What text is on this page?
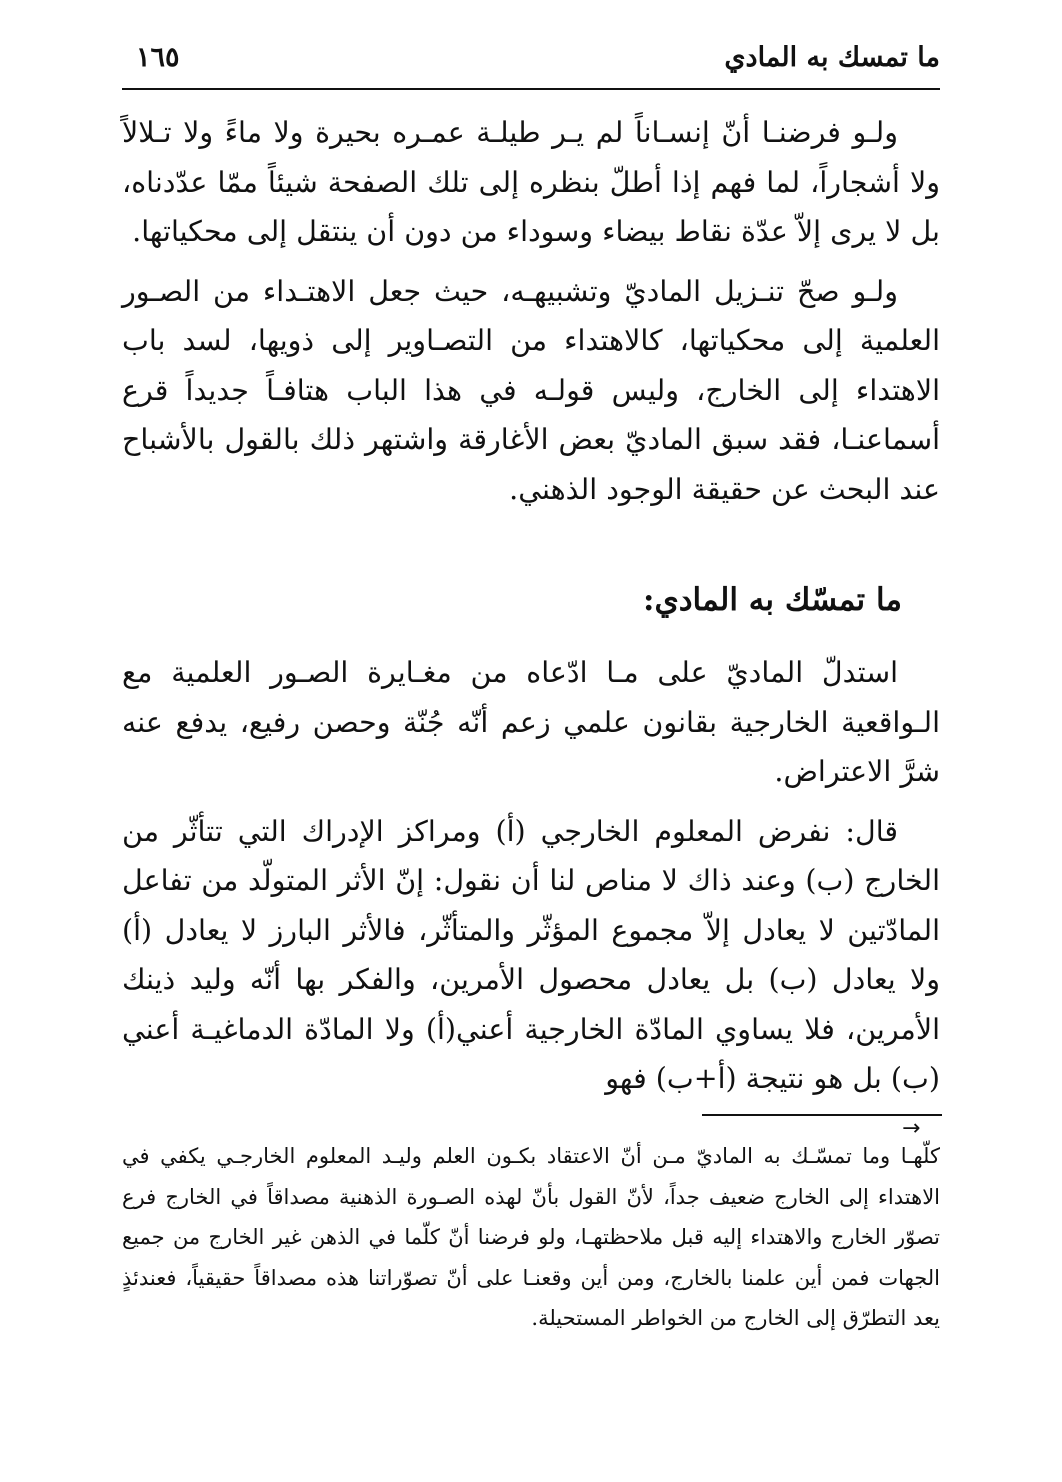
ما تمسك به المادي
١٦٥

ولـو فرضنـا أنّ إنسـاناً لم يـر طيلـة عمـره بحيرة ولا ماءً ولا تـلالاً ولا أشجاراً، لما فهم إذا أطلّ بنظره إلى تلك الصفحة شيئاً ممّا عدّدناه، بل لا يرى إلاّ عدّة نقاط بيضاء وسوداء من دون أن ينتقل إلى محكياتها.

ولـو صحّ تنـزيل الماديّ وتشبيهـه، حيث جعل الاهتـداء من الصـور العلمية إلى محكياتها، كالاهتداء من التصـاوير إلى ذويها، لسد باب الاهتداء إلى الخارج، وليس قولـه في هذا الباب هتافـاً جديداً قرع أسماعنـا، فقد سبق الماديّ بعض الأغارقة واشتهر ذلك بالقول بالأشباح عند البحث عن حقيقة الوجود الذهني.

ما تمسّك به المادي:

استدلّ الماديّ على مـا ادّعاه من مغـايرة الصـور العلمية مع الـواقعية الخارجية بقانون علمي زعم أنّه جُنّة وحصن رفيع، يدفع عنه شرَّ الاعتراض.

قال: نفرض المعلوم الخارجي (أ) ومراكز الإدراك التي تتأثّر من الخارج (ب) وعند ذاك لا مناص لنا أن نقول: إنّ الأثر المتولّد من تفاعل المادّتين لا يعادل إلاّ مجموع المؤثّر والمتأثّر، فالأثر البارز لا يعادل (أ) ولا يعادل (ب) بل يعادل محصول الأمرين، والفكر بها أنّه وليد ذينك الأمرين، فلا يساوي المادّة الخارجية أعني(أ) ولا المادّة الدماغيـة أعني (ب) بل هو نتيجة (أ+ب) فهو

→
كلّهـا وما تمسّـك به الماديّ مـن أنّ الاعتقاد بكـون العلم وليـد المعلوم الخارجـي يكفي في الاهتداء إلى الخارج ضعيف جداً، لأنّ القول بأنّ لهذه الصـورة الذهنية مصداقاً في الخارج فرع تصوّر الخارج والاهتداء إليه قبل ملاحظتهـا، ولو فرضنا أنّ كلّما في الذهن غير الخارج من جميع الجهات فمن أين علمنا بالخارج، ومن أين وقعنـا على أنّ تصوّراتنا هذه مصداقاً حقيقياً، فعندئذٍ يعد التطرّق إلى الخارج من الخواطر المستحيلة.
